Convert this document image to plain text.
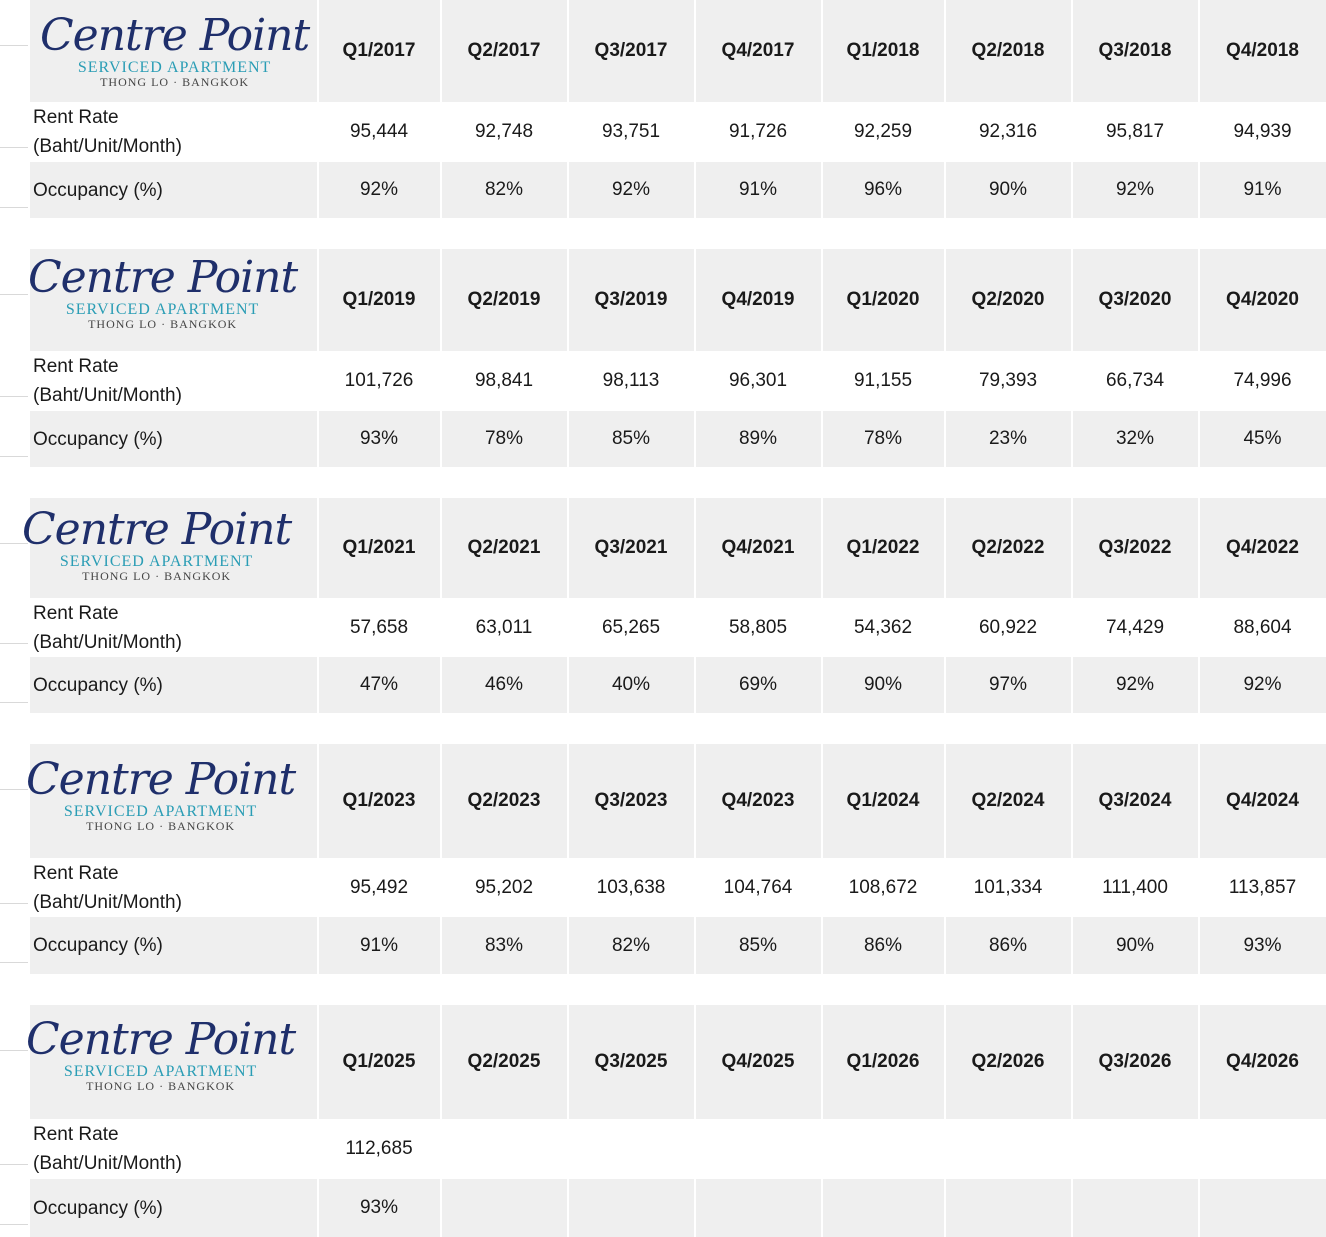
Q1/2017	Q2/2017	Q3/2017	Q4/2017	Q1/2018	Q2/2018	Q3/2018	Q4/2018
Centre Point
SERVICED APARTMENT
THONG LO · BANGKOK
Rent Rate
(Baht/Unit/Month)
95,444	92,748	93,751	91,726	92,259	92,316	95,817	94,939
Occupancy (%)	92%	82%	92%	91%	96%	90%	92%	91%
Q1/2019	Q2/2019	Q3/2019	Q4/2019	Q1/2020	Q2/2020	Q3/2020	Q4/2020
Centre Point
SERVICED APARTMENT
THONG LO · BANGKOK
Rent Rate
(Baht/Unit/Month)
101,726	98,841	98,113	96,301	91,155	79,393	66,734	74,996
Occupancy (%)	93%	78%	85%	89%	78%	23%	32%	45%
Q1/2021	Q2/2021	Q3/2021	Q4/2021	Q1/2022	Q2/2022	Q3/2022	Q4/2022
Centre Point
SERVICED APARTMENT
THONG LO · BANGKOK
Rent Rate
(Baht/Unit/Month)
57,658	63,011	65,265	58,805	54,362	60,922	74,429	88,604
Occupancy (%)	47%	46%	40%	69%	90%	97%	92%	92%
Q1/2023	Q2/2023	Q3/2023	Q4/2023	Q1/2024	Q2/2024	Q3/2024	Q4/2024
Centre Point
SERVICED APARTMENT
THONG LO · BANGKOK
Rent Rate
(Baht/Unit/Month)
95,492	95,202	103,638	104,764	108,672	101,334	111,400	113,857
Occupancy (%)	91%	83%	82%	85%	86%	86%	90%	93%
Q1/2025	Q2/2025	Q3/2025	Q4/2025	Q1/2026	Q2/2026	Q3/2026	Q4/2026
Centre Point
SERVICED APARTMENT
THONG LO · BANGKOK
Rent Rate
(Baht/Unit/Month)
112,685
Occupancy (%)	93%
